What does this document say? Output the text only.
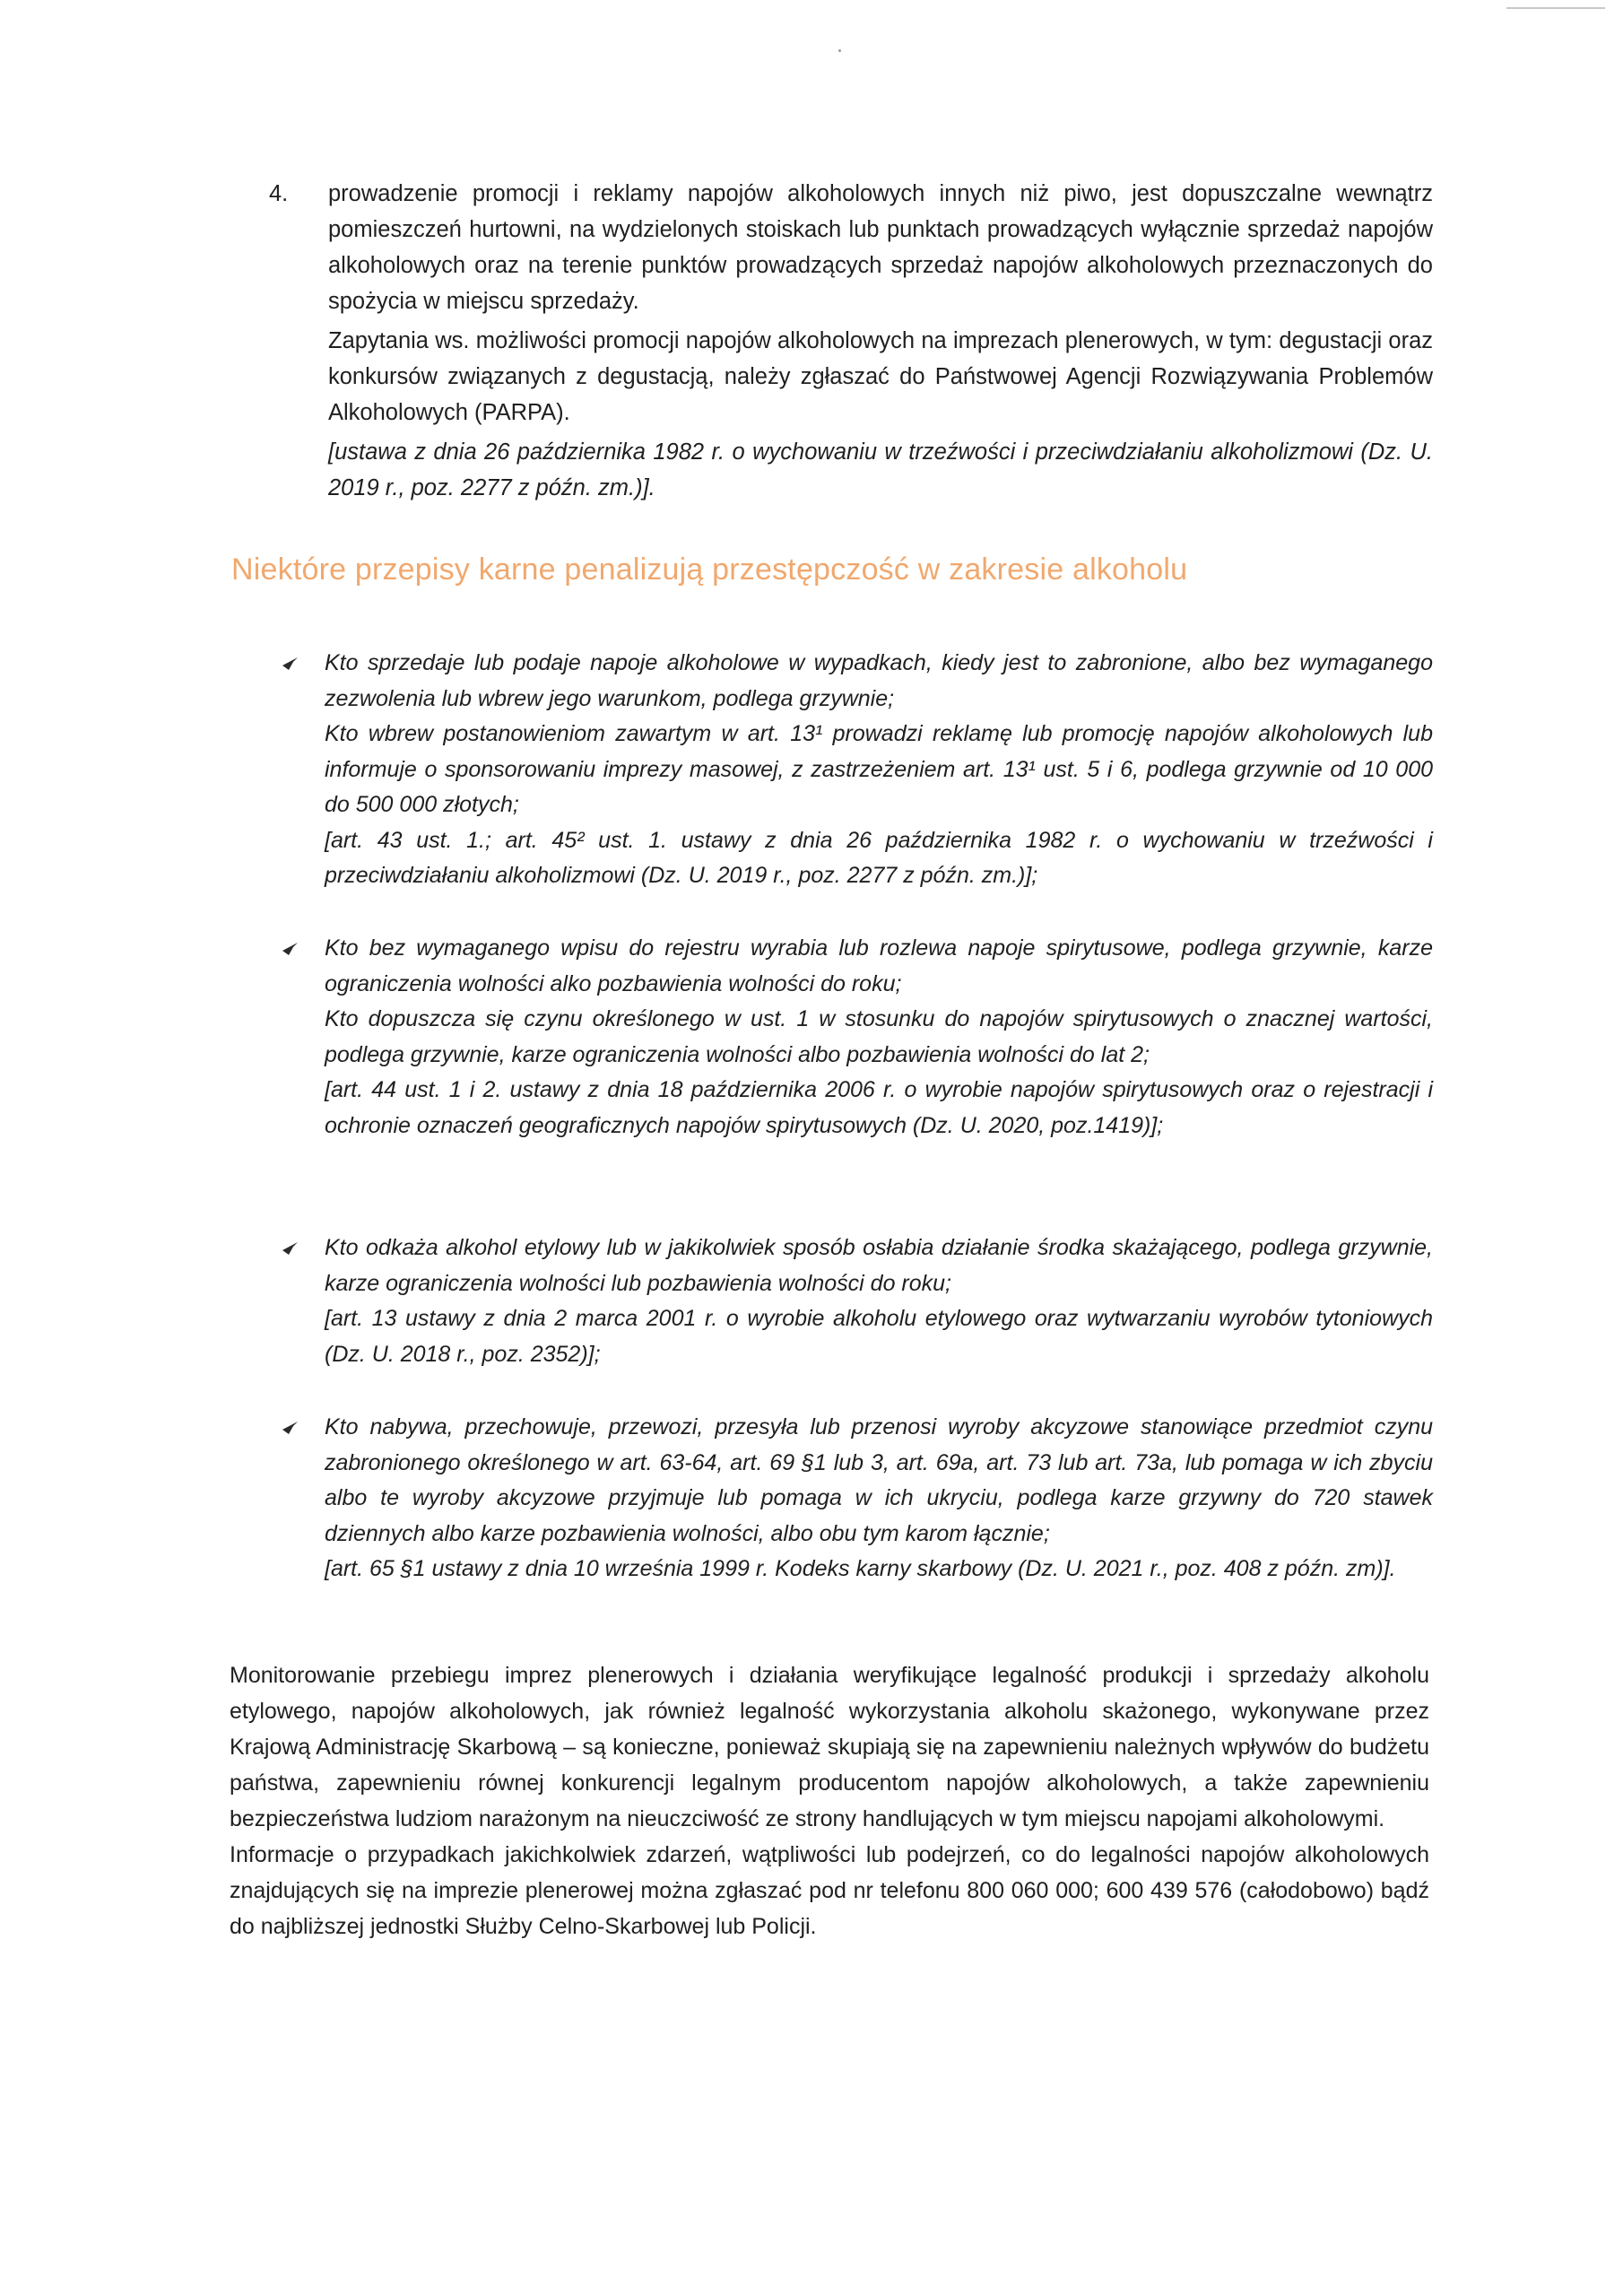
4.	prowadzenie promocji i reklamy napojów alkoholowych innych niż piwo, jest dopuszczalne wewnątrz pomieszczeń hurtowni, na wydzielonych stoiskach lub punktach prowadzących wyłącznie sprzedaż napojów alkoholowych oraz na terenie punktów prowadzących sprzedaż napojów alkoholowych przeznaczonych do spożycia w miejscu sprzedaży.

Zapytania ws. możliwości promocji napojów alkoholowych na imprezach plenerowych, w tym: degustacji oraz konkursów związanych z degustacją, należy zgłaszać do Państwowej Agencji Rozwiązywania Problemów Alkoholowych (PARPA).

[ustawa z dnia 26 października 1982 r. o wychowaniu w trzeźwości i przeciwdziałaniu alkoholizmowi (Dz. U. 2019 r., poz. 2277 z późn. zm.)].

Niektóre przepisy karne penalizują przestępczość w zakresie alkoholu

Kto sprzedaje lub podaje napoje alkoholowe w wypadkach, kiedy jest to zabronione, albo bez wymaganego zezwolenia lub wbrew jego warunkom, podlega grzywnie;

Kto wbrew postanowieniom zawartym w art. 13¹ prowadzi reklamę lub promocję napojów alkoholowych lub informuje o sponsorowaniu imprezy masowej, z zastrzeżeniem art. 13¹ ust. 5 i 6, podlega grzywnie od 10 000 do 500 000 złotych;

[art. 43 ust. 1.; art. 45² ust. 1. ustawy z dnia 26 października 1982 r. o wychowaniu w trzeźwości i przeciwdziałaniu alkoholizmowi (Dz. U. 2019 r., poz. 2277 z późn. zm.)];

Kto bez wymaganego wpisu do rejestru wyrabia lub rozlewa napoje spirytusowe, podlega grzywnie, karze ograniczenia wolności alko pozbawienia wolności do roku;

Kto dopuszcza się czynu określonego w ust. 1 w stosunku do napojów spirytusowych o znacznej wartości, podlega grzywnie, karze ograniczenia wolności albo pozbawienia wolności do lat 2;

[art. 44 ust. 1 i 2. ustawy z dnia 18 października 2006 r. o wyrobie napojów spirytusowych oraz o rejestracji i ochronie oznaczeń geograficznych napojów spirytusowych (Dz. U. 2020, poz.1419)];

Kto odkaża alkohol etylowy lub w jakikolwiek sposób osłabia działanie środka skażającego, podlega grzywnie, karze ograniczenia wolności lub pozbawienia wolności do roku;

[art. 13 ustawy z dnia 2 marca 2001 r. o wyrobie alkoholu etylowego oraz wytwarzaniu wyrobów tytoniowych (Dz. U. 2018 r., poz. 2352)];

Kto nabywa, przechowuje, przewozi, przesyła lub przenosi wyroby akcyzowe stanowiące przedmiot czynu zabronionego określonego w art. 63-64, art. 69 §1 lub 3, art. 69a, art. 73 lub art. 73a, lub pomaga w ich zbyciu albo te wyroby akcyzowe przyjmuje lub pomaga w ich ukryciu, podlega karze grzywny do 720 stawek dziennych albo karze pozbawienia wolności, albo obu tym karom łącznie;

[art. 65 §1 ustawy z dnia 10 września 1999 r. Kodeks karny skarbowy (Dz. U. 2021 r., poz. 408 z późn. zm)].

Monitorowanie przebiegu imprez plenerowych i działania weryfikujące legalność produkcji i sprzedaży alkoholu etylowego, napojów alkoholowych, jak również legalność wykorzystania alkoholu skażonego, wykonywane przez Krajową Administrację Skarbową – są konieczne, ponieważ skupiają się na zapewnieniu należnych wpływów do budżetu państwa, zapewnieniu równej konkurencji legalnym producentom napojów alkoholowych, a także zapewnieniu bezpieczeństwa ludziom narażonym na nieuczciwość ze strony handlujących w tym miejscu napojami alkoholowymi.

Informacje o przypadkach jakichkolwiek zdarzeń, wątpliwości lub podejrzeń, co do legalności napojów alkoholowych znajdujących się na imprezie plenerowej można zgłaszać pod nr telefonu 800 060 000; 600 439 576 (całodobowo) bądź do najbliższej jednostki Służby Celno-Skarbowej lub Policji.
